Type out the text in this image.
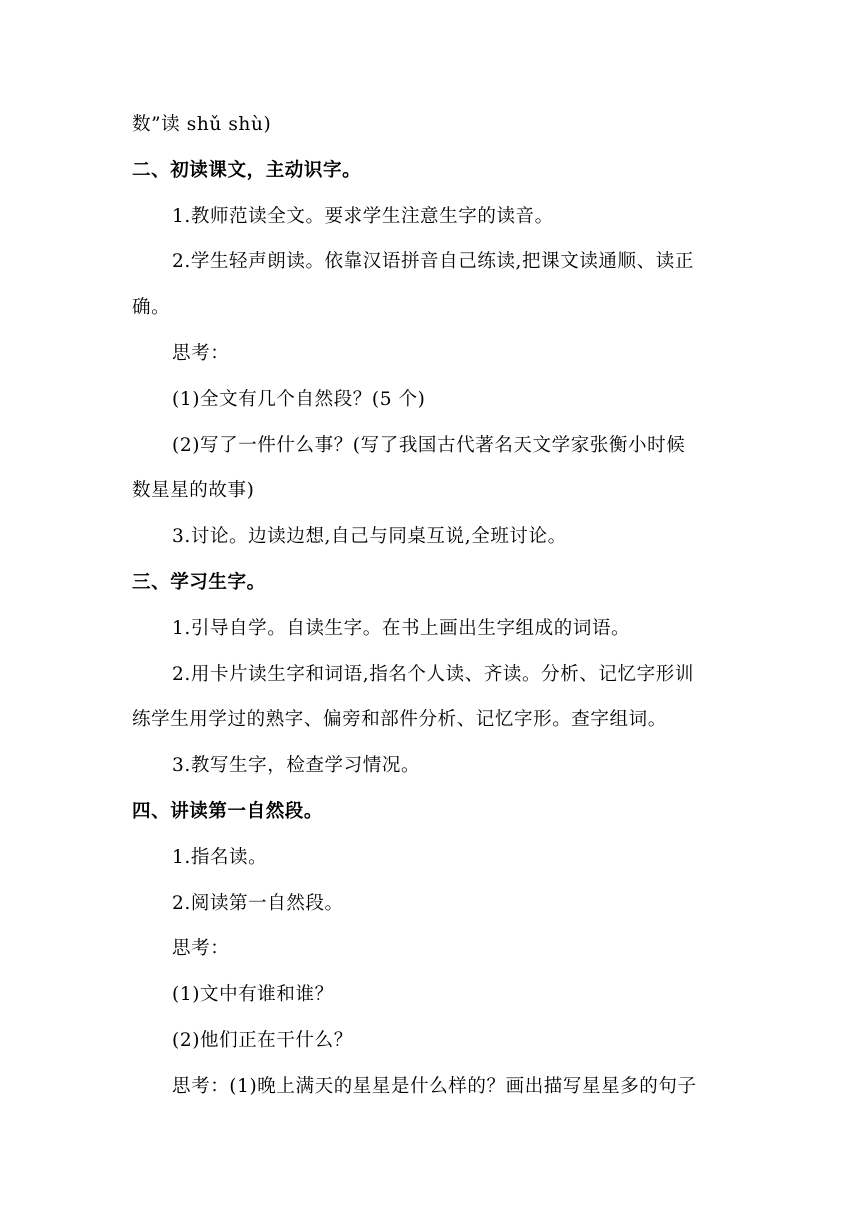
数”读 shǔ shù)
二、初读课文，主动识字。
1.教师范读全文。要求学生注意生字的读音。
2.学生轻声朗读。依靠汉语拼音自己练读,把课文读通顺、读正
确。
思考：
(1)全文有几个自然段？(5 个)
(2)写了一件什么事？(写了我国古代著名天文学家张衡小时候
数星星的故事)
3.讨论。边读边想,自己与同桌互说,全班讨论。
三、学习生字。
1.引导自学。自读生字。在书上画出生字组成的词语。
2.用卡片读生字和词语,指名个人读、齐读。分析、记忆字形训
练学生用学过的熟字、偏旁和部件分析、记忆字形。查字组词。
3.教写生字，检查学习情况。
四、讲读第一自然段。
1.指名读。
2.阅读第一自然段。
思考：
(1)文中有谁和谁？
(2)他们正在干什么？
思考：(1)晚上满天的星星是什么样的？画出描写星星多的句子
